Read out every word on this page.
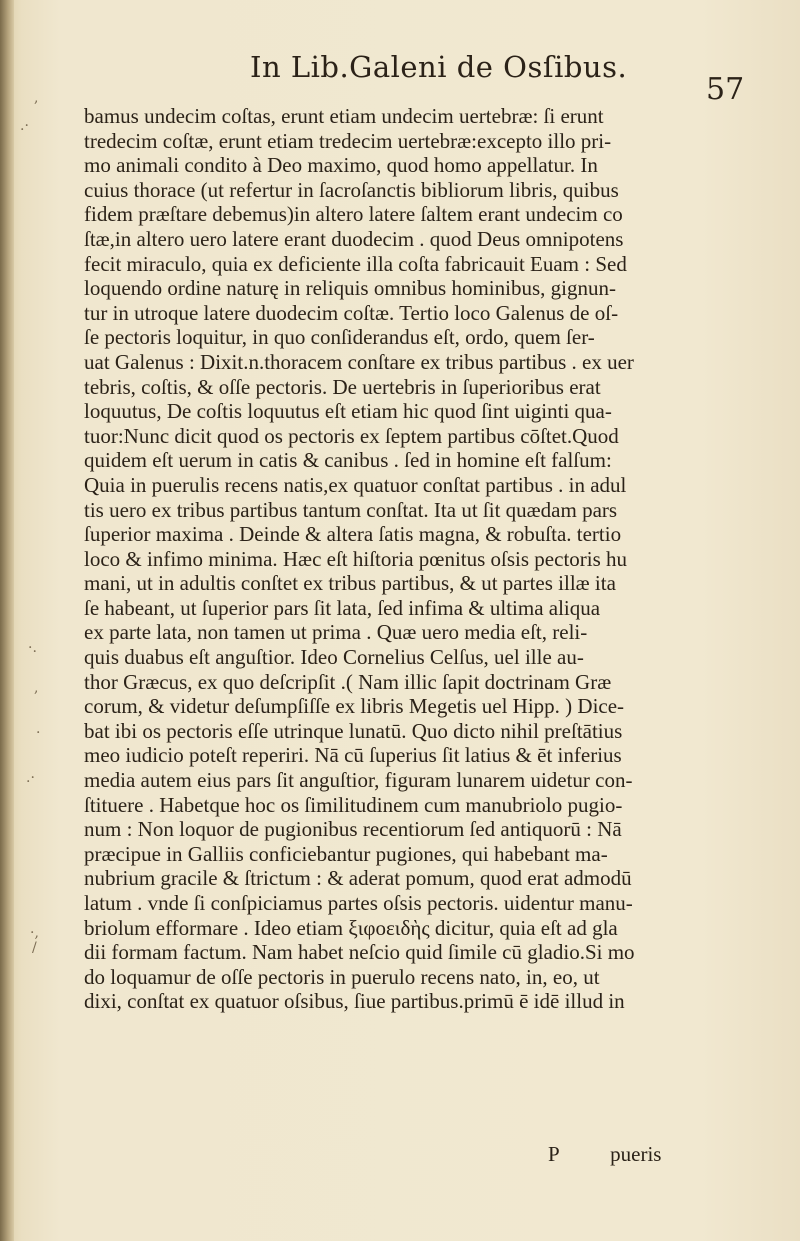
,
.·
·.
,
·
.·
·,
/
In Lib.Galeni de Osſibus.
57
bamus undecim coſtas, erunt etiam undecim uertebræ: ſi erunt
tredecim coſtæ, erunt etiam tredecim uertebræ:excepto illo pri-
mo animali condito à Deo maximo, quod homo appellatur. In
cuius thorace (ut refertur in ſacroſanctis bibliorum libris, quibus
fidem præſtare debemus)in altero latere ſaltem erant undecim co
ſtæ,in altero uero latere erant duodecim . quod Deus omnipotens
fecit miraculo, quia ex deficiente illa coſta fabricauit Euam : Sed
loquendo ordine naturę in reliquis omnibus hominibus, gignun-
tur in utroque latere duodecim coſtæ. Tertio loco Galenus de oſ-
ſe pectoris loquitur, in quo conſiderandus eſt, ordo, quem ſer-
uat Galenus : Dixit.n.thoracem conſtare ex tribus partibus . ex uer
tebris, coſtis, & oſſe pectoris. De uertebris in ſuperioribus erat
loquutus, De coſtis loquutus eſt etiam hic quod ſint uiginti qua-
tuor:Nunc dicit quod os pectoris ex ſeptem partibus cōſtet.Quod
quidem eſt uerum in catis & canibus . ſed in homine eſt falſum:
Quia in puerulis recens natis,ex quatuor conſtat partibus . in adul
tis uero ex tribus partibus tantum conſtat. Ita ut ſit quædam pars
ſuperior maxima . Deinde & altera ſatis magna, & robuſta. tertio
loco & infimo minima. Hæc eſt hiſtoria pœnitus oſsis pectoris hu
mani, ut in adultis conſtet ex tribus partibus, & ut partes illæ ita
ſe habeant, ut ſuperior pars ſit lata, ſed infima & ultima aliqua
ex parte lata, non tamen ut prima . Quæ uero media eſt, reli-
quis duabus eſt anguſtior. Ideo Cornelius Celſus, uel ille au-
thor Græcus, ex quo deſcripſit .( Nam illic ſapit doctrinam Græ
corum, & videtur deſumpſiſſe ex libris Megetis uel Hipp. ) Dice-
bat ibi os pectoris eſſe utrinque lunatū. Quo dicto nihil preſtātius
meo iudicio poteſt reperiri. Nā cū ſuperius ſit latius & ēt inferius
media autem eius pars ſit anguſtior, figuram lunarem uidetur con-
ſtituere . Habetque hoc os ſimilitudinem cum manubriolo pugio-
num : Non loquor de pugionibus recentiorum ſed antiquorū : Nā
præcipue in Galliis conficiebantur pugiones, qui habebant ma-
nubrium gracile & ſtrictum : & aderat pomum, quod erat admodū
latum . vnde ſi conſpiciamus partes oſsis pectoris. uidentur manu-
briolum efformare . Ideo etiam ξιφοειδὴς dicitur, quia eſt ad gla
dii formam factum. Nam habet neſcio quid ſimile cū gladio.Si mo
do loquamur de oſſe pectoris in puerulo recens nato, in, eo, ut
dixi, conſtat ex quatuor oſsibus, ſiue partibus.primū ē idē illud in
P pueris
